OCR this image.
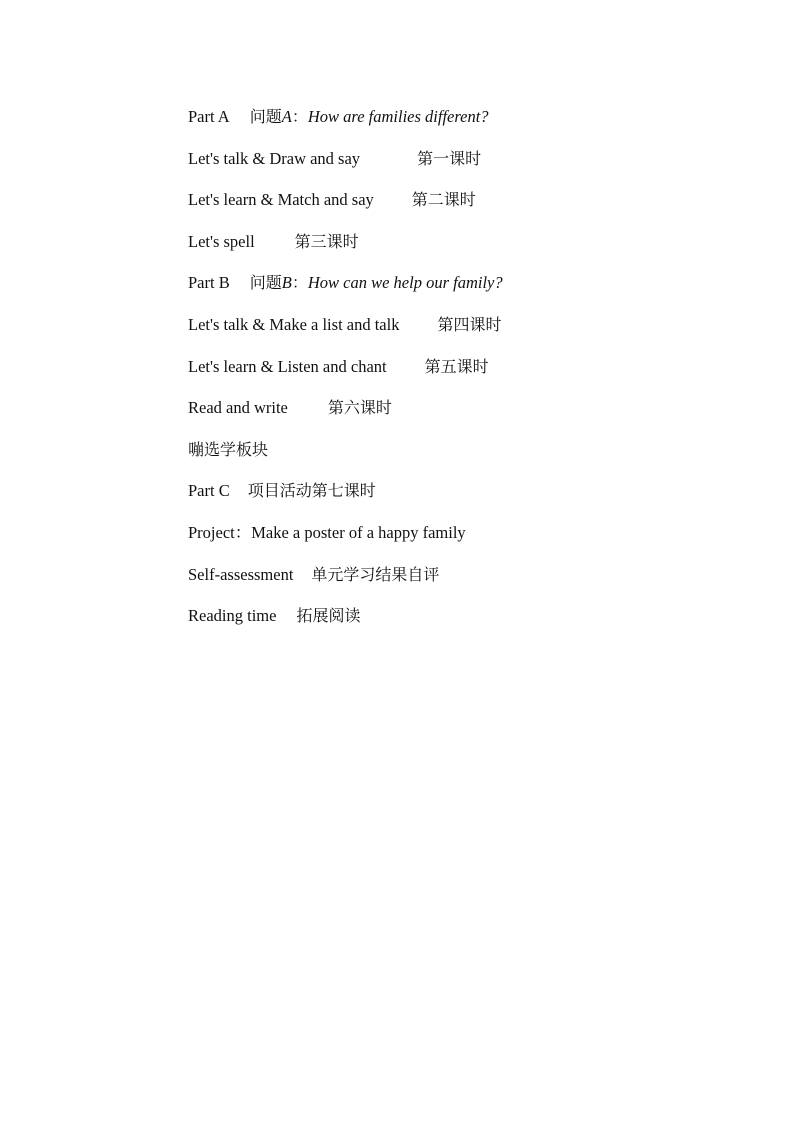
Part A 问题A：How are families different?
Let's talk & Draw and say	第一课时
Let's learn & Match and say 第二课时
Let's spell	第三课时
Part B 问题B：How can we help our family?
Let's talk & Make a list and talk 第四课时
Let's learn & Listen and chant 第五课时
Read and write	第六课时
嘣选学板块
Part C 项目活动第七课时
Project：Make a poster of a happy family
Self-assessment 单元学习结果自评
Reading time 拓展阅读
